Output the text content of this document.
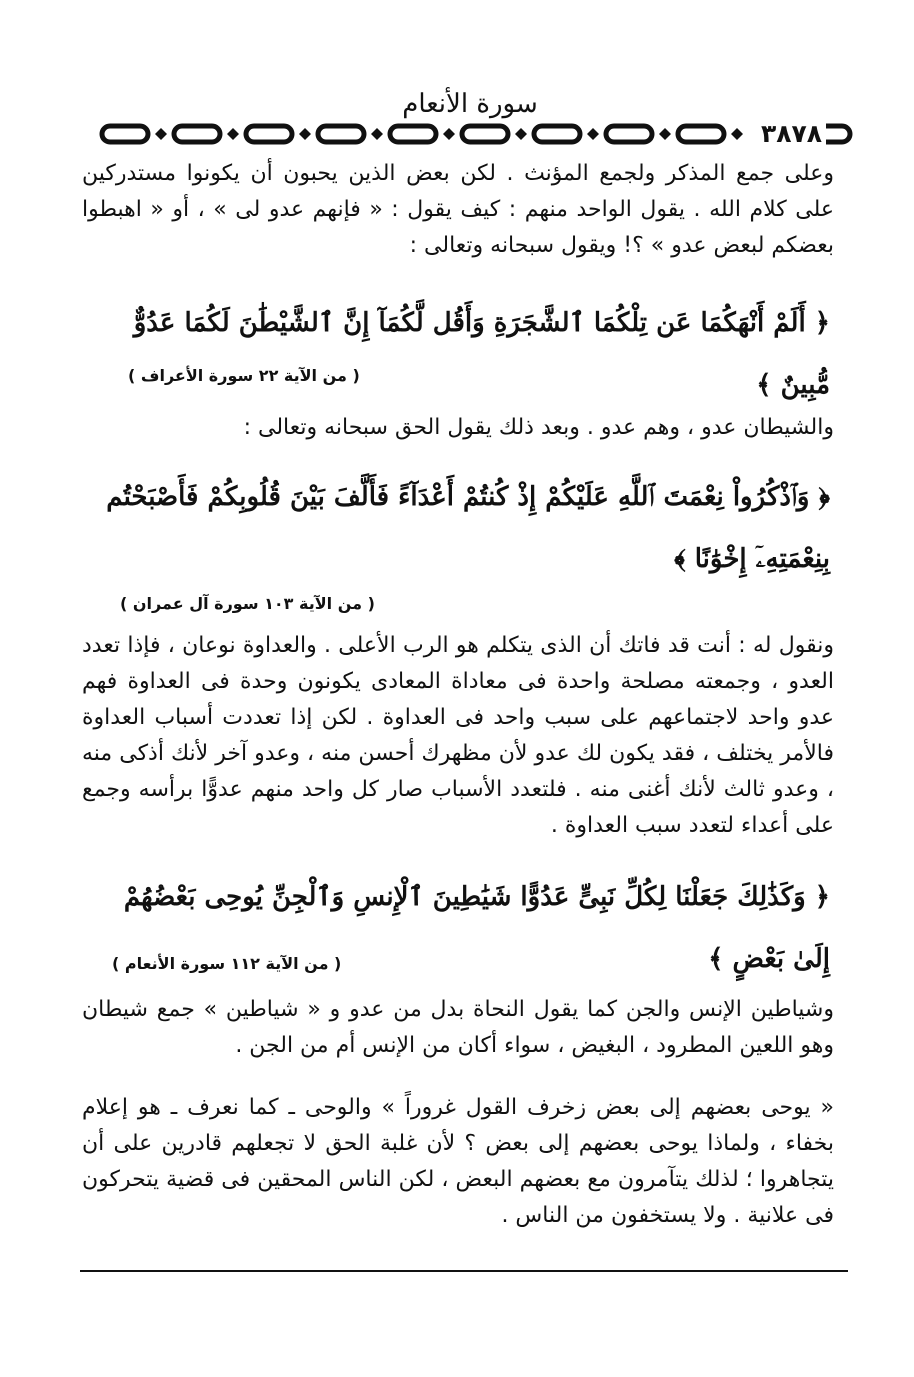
سورة الأنعام
٣٨٧٨
وعلى جمع المذكر ولجمع المؤنث . لكن بعض الذين يحبون أن يكونوا مستدركين على كلام الله . يقول الواحد منهم : كيف يقول : « فإنهم عدو لى » ، أو « اهبطوا بعضكم لبعض عدو » ؟! ويقول سبحانه وتعالى :
﴿ أَلَمْ أَنْهَكُمَا عَن تِلْكُمَا ٱلشَّجَرَةِ وَأَقُل لَّكُمَآ إِنَّ ٱلشَّيْطَٰنَ لَكُمَا عَدُوٌّ مُّبِينٌ ﴾
( من الآية ٢٢ سورة الأعراف )
والشيطان عدو ، وهم عدو . وبعد ذلك يقول الحق سبحانه وتعالى :
﴿ وَٱذْكُرُواْ نِعْمَتَ ٱللَّهِ عَلَيْكُمْ إِذْ كُنتُمْ أَعْدَآءً فَأَلَّفَ بَيْنَ قُلُوبِكُمْ فَأَصْبَحْتُم بِنِعْمَتِهِۦٓ إِخْوَٰنًا ﴾
( من الآية ١٠٣ سورة آل عمران )
ونقول له : أنت قد فاتك أن الذى يتكلم هو الرب الأعلى . والعداوة نوعان ، فإذا تعدد العدو ، وجمعته مصلحة واحدة فى معاداة المعادى يكونون وحدة فى العداوة فهم عدو واحد لاجتماعهم على سبب واحد فى العداوة . لكن إذا تعددت أسباب العداوة فالأمر يختلف ، فقد يكون لك عدو لأن مظهرك أحسن منه ، وعدو آخر لأنك أذكى منه ، وعدو ثالث لأنك أغنى منه . فلتعدد الأسباب صار كل واحد منهم عدوًّا برأسه وجمع على أعداء لتعدد سبب العداوة .
﴿ وَكَذَٰلِكَ جَعَلْنَا لِكُلِّ نَبِىٍّ عَدُوًّا شَيَٰطِينَ ٱلْإِنسِ وَٱلْجِنِّ يُوحِى بَعْضُهُمْ إِلَىٰ بَعْضٍ ﴾
( من الآية ١١٢ سورة الأنعام )
وشياطين الإنس والجن كما يقول النحاة بدل من عدو و « شياطين » جمع شيطان وهو اللعين المطرود ، البغيض ، سواء أكان من الإنس أم من الجن .
« يوحى بعضهم إلى بعض زخرف القول غروراً » والوحى ـ كما نعرف ـ هو إعلام بخفاء ، ولماذا يوحى بعضهم إلى بعض ؟ لأن غلبة الحق لا تجعلهم قادرين على أن يتجاهروا ؛ لذلك يتآمرون مع بعضهم البعض ، لكن الناس المحقين فى قضية يتحركون فى علانية . ولا يستخفون من الناس .
